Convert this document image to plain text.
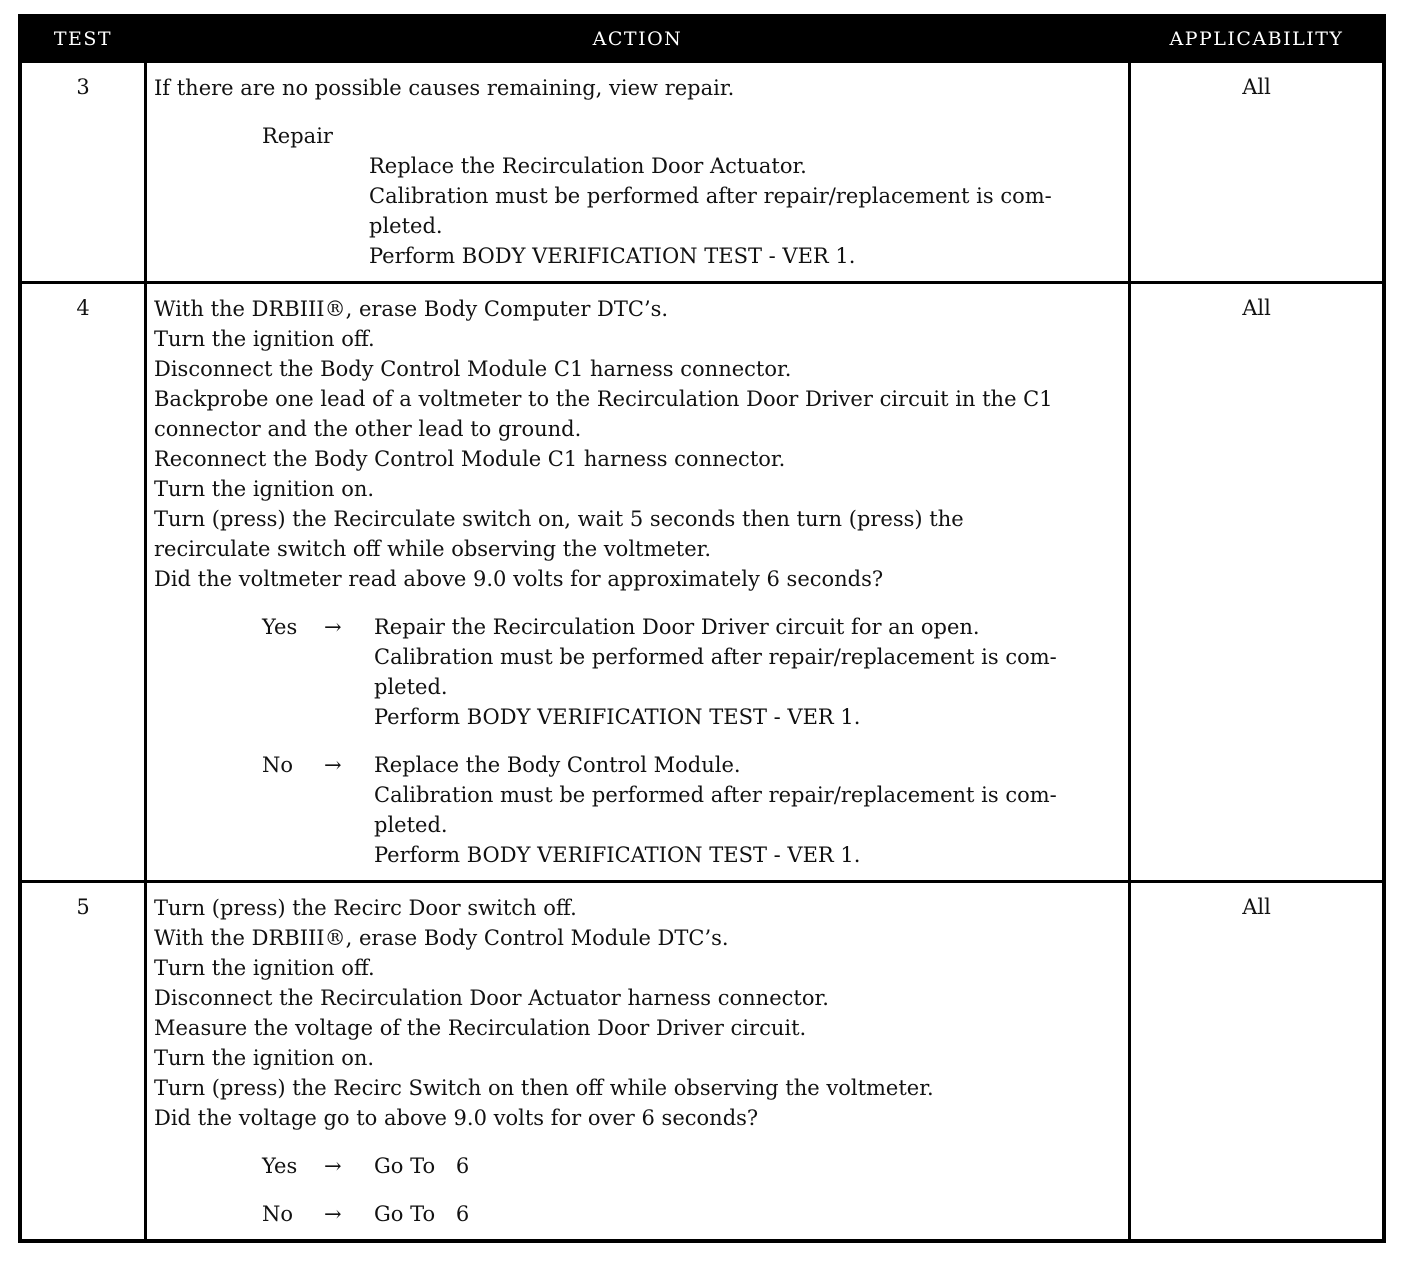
TEST	ACTION	APPLICABILITY
3	If there are no possible causes remaining, view repair.
Repair
Replace the Recirculation Door Actuator.
Calibration must be performed after repair/replacement is com-
pleted.
Perform BODY VERIFICATION TEST - VER 1.
All
4	With the DRBIII®, erase Body Computer DTC’s.
Turn the ignition off.
Disconnect the Body Control Module C1 harness connector.
Backprobe one lead of a voltmeter to the Recirculation Door Driver circuit in the C1
connector and the other lead to ground.
Reconnect the Body Control Module C1 harness connector.
Turn the ignition on.
Turn (press) the Recirculate switch on, wait 5 seconds then turn (press) the
recirculate switch off while observing the voltmeter.
Did the voltmeter read above 9.0 volts for approximately 6 seconds?
Yes	→	Repair the Recirculation Door Driver circuit for an open.
Calibration must be performed after repair/replacement is com-
pleted.
Perform BODY VERIFICATION TEST - VER 1.
No	→	Replace the Body Control Module.
Calibration must be performed after repair/replacement is com-
pleted.
Perform BODY VERIFICATION TEST - VER 1.
All
5	Turn (press) the Recirc Door switch off.
With the DRBIII®, erase Body Control Module DTC’s.
Turn the ignition off.
Disconnect the Recirculation Door Actuator harness connector.
Measure the voltage of the Recirculation Door Driver circuit.
Turn the ignition on.
Turn (press) the Recirc Switch on then off while observing the voltmeter.
Did the voltage go to above 9.0 volts for over 6 seconds?
Yes	→	Go To 6
No	→	Go To 6
All
